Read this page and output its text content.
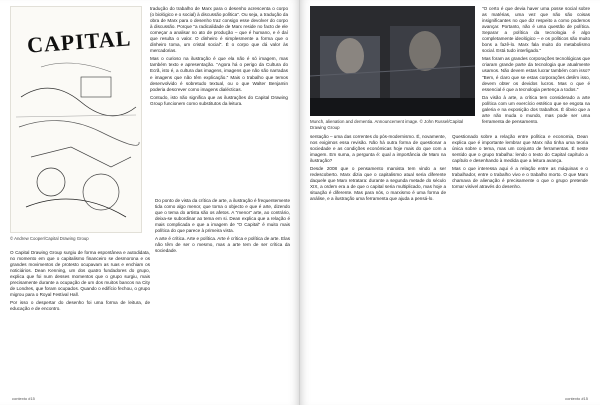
CAPITAL
© Andrew Cooper/Capital Drawing Group

tradução do trabalho de Marx para o desenho acrescenta o corpo (o biológico e o social) à discussão política". Ou seja, a tradução da obra de Marx para o desenho traz consigo esse devolver do corpo à discussão. Porque "a radicalidade de Marx reside no facto de ele começar a analisar no ato de produção – que é humano, e é daí que resulta o valor. O dinheiro é simplesmente a forma que o dinheiro toma, um cristal social". É o corpo que dá valor às mercadorias.

Mas o curioso na ilustração é que ela não é só imagem, mas também texto e apresentação. "Agora há o perigo da Cultura do Ecrã, isto é, a cultura das imagens, imagens que não são narradas e imagens que não têm explicação." Mais o trabalho que temos desenvolvido é sobretudo textual, ou o que Walter Benjamin poderia descrever como imagens dialécticas.

Contudo, isto não significa que as ilustrações do Capital Drawing Group funcionem como substitutos da leitura.

O Capital Drawing Group surgiu de forma espontânea e autodidata, no momento em que o capitalismo financeiro se desmorona e os grandes movimentos de protesto ocupavam as ruas e enchiam os noticiários. Dean Kenning, um dos quatro fundadores do grupo, explica que foi num desses momentos que o grupo surgiu, mais precisamente durante a ocupação de um dos muitos bancos na City de Londres, que foram ocupados. Quando o edifício fechou, o grupo migrou para o Royal Festival Hall.

Por isso o despertar do desenho foi uma forma de leitura, de educação e de encontro.

Do ponto de vista da crítica de arte, a ilustração é frequentemente tida como algo menor, que torna o objecto e que é arte, dizendo que o tema do artista são os afetos. A "menor" arte, ao contrário, deixa-se subordinar ao tema em si. Dean explica que a relação é mais complicada e que a imagem de "O Capital" é muito mais política do que parece à primeira vista.

A arte é crítica. Arte e política. Arte é crítica e política de arte. Elas não têm de ser o mesmo, mas a arte tem de ser crítica da sociedade.

contexto #15
Munch, alienation and dementia. Announcement image. © John Russel/Capital Drawing Group

sentação – uma das correntes do pós-modernismo. É, novamente, nos exigimos essa revisão. Não há outra forma de questionar a sociedade e as condições económicas hoje mais do que com a imagem. Em suma, a pergunta é: qual a importância de Marx na ilustração?

Desde 2008 que o pensamento marxista tem vindo a ser redescoberto. Marx dizia que o capitalismo atual seria diferente daquele que Marx retratara: durante a segunda metade do século XIX, a ordem era a de que o capital seria multiplicado, mas hoje a situação é diferente. Mas para nós, o marxismo é uma forma de análise, e a ilustração uma ferramenta que ajuda a pensá-lo.

Questionado sobre a relação entre política e economia, Dean explica que é importante lembrar que Marx não tinha uma teoria única sobre o tema, mas um conjunto de ferramentas. É neste sentido que o grupo trabalha: lendo o texto do Capital capítulo a capítulo e desenhando à medida que a leitura avança.

Mas o que interessa aqui é a relação entre as máquinas e o trabalhador, entre o trabalho vivo e o trabalho morto. O que Marx chamava de alienação é precisamente o que o grupo pretende tornar visível através do desenho.

"O certo é que devia haver uma posse social sobre as matérias, uma vez que não são coisas insignificantes no que diz respeito a como podemos avançar. Portanto, não é uma questão de política. Separar a política da tecnologia é algo completamente ideológico – e os políticos são muito bons a fazê-lo. Marx fala muito do metabolismo social. Está tudo interligado."

Mas foram as grandes corporações tecnológicas que criaram grande parte da tecnologia que atualmente usamos. Não devem estas lucrar também com isso? "Bem, é claro que se estas corporações detêm isso, devem obter os devidos lucros. Mas o que é essencial é que a tecnologia pertença a todos."

Da visão à arte, a crítica tem considerado a arte política com um exercício estético que se esgota na galeria e na exposição dos trabalhos. É óbvio que a arte não muda o mundo, mas pode ser uma ferramenta de pensamento.

contexto #15
